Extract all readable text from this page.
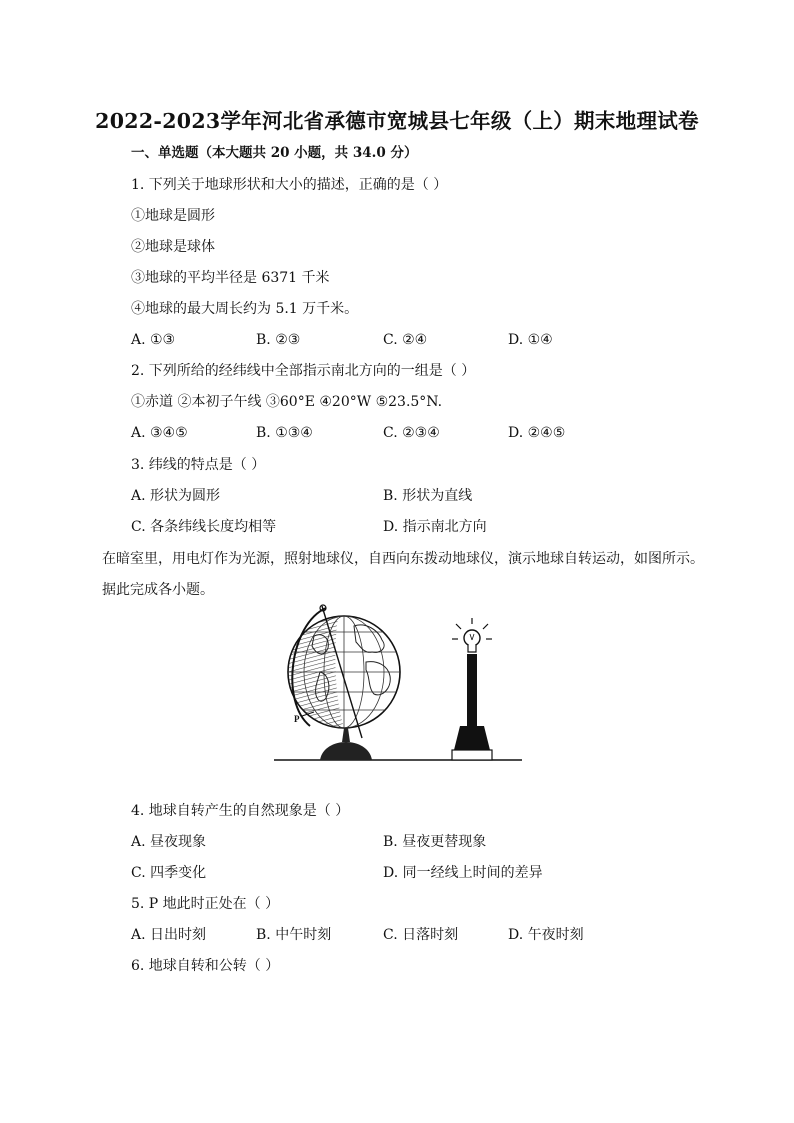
2022-2023学年河北省承德市宽城县七年级（上）期末地理试卷
一、单选题（本大题共 20 小题，共 34.0 分）
1. 下列关于地球形状和大小的描述，正确的是（ ）
①地球是圆形
②地球是球体
③地球的平均半径是 6371 千米
④地球的最大周长约为 5.1 万千米。
A. ①③	B. ②③	C. ②④	D. ①④
2. 下列所给的经纬线中全部指示南北方向的一组是（ ）
①赤道 ②本初子午线 ③60°E ④20°W ⑤23.5°N.
A. ③④⑤	B. ①③④	C. ②③④	D. ②④⑤
3. 纬线的特点是（ ）
A. 形状为圆形	B. 形状为直线
C. 各条纬线长度均相等	D. 指示南北方向
在暗室里，用电灯作为光源，照射地球仪，自西向东拨动地球仪，演示地球自转运动，如图所示。
据此完成各小题。
P
4. 地球自转产生的自然现象是（ ）
A. 昼夜现象	B. 昼夜更替现象
C. 四季变化	D. 同一经线上时间的差异
5. P 地此时正处在（ ）
A. 日出时刻	B. 中午时刻	C. 日落时刻	D. 午夜时刻
6. 地球自转和公转（ ）
